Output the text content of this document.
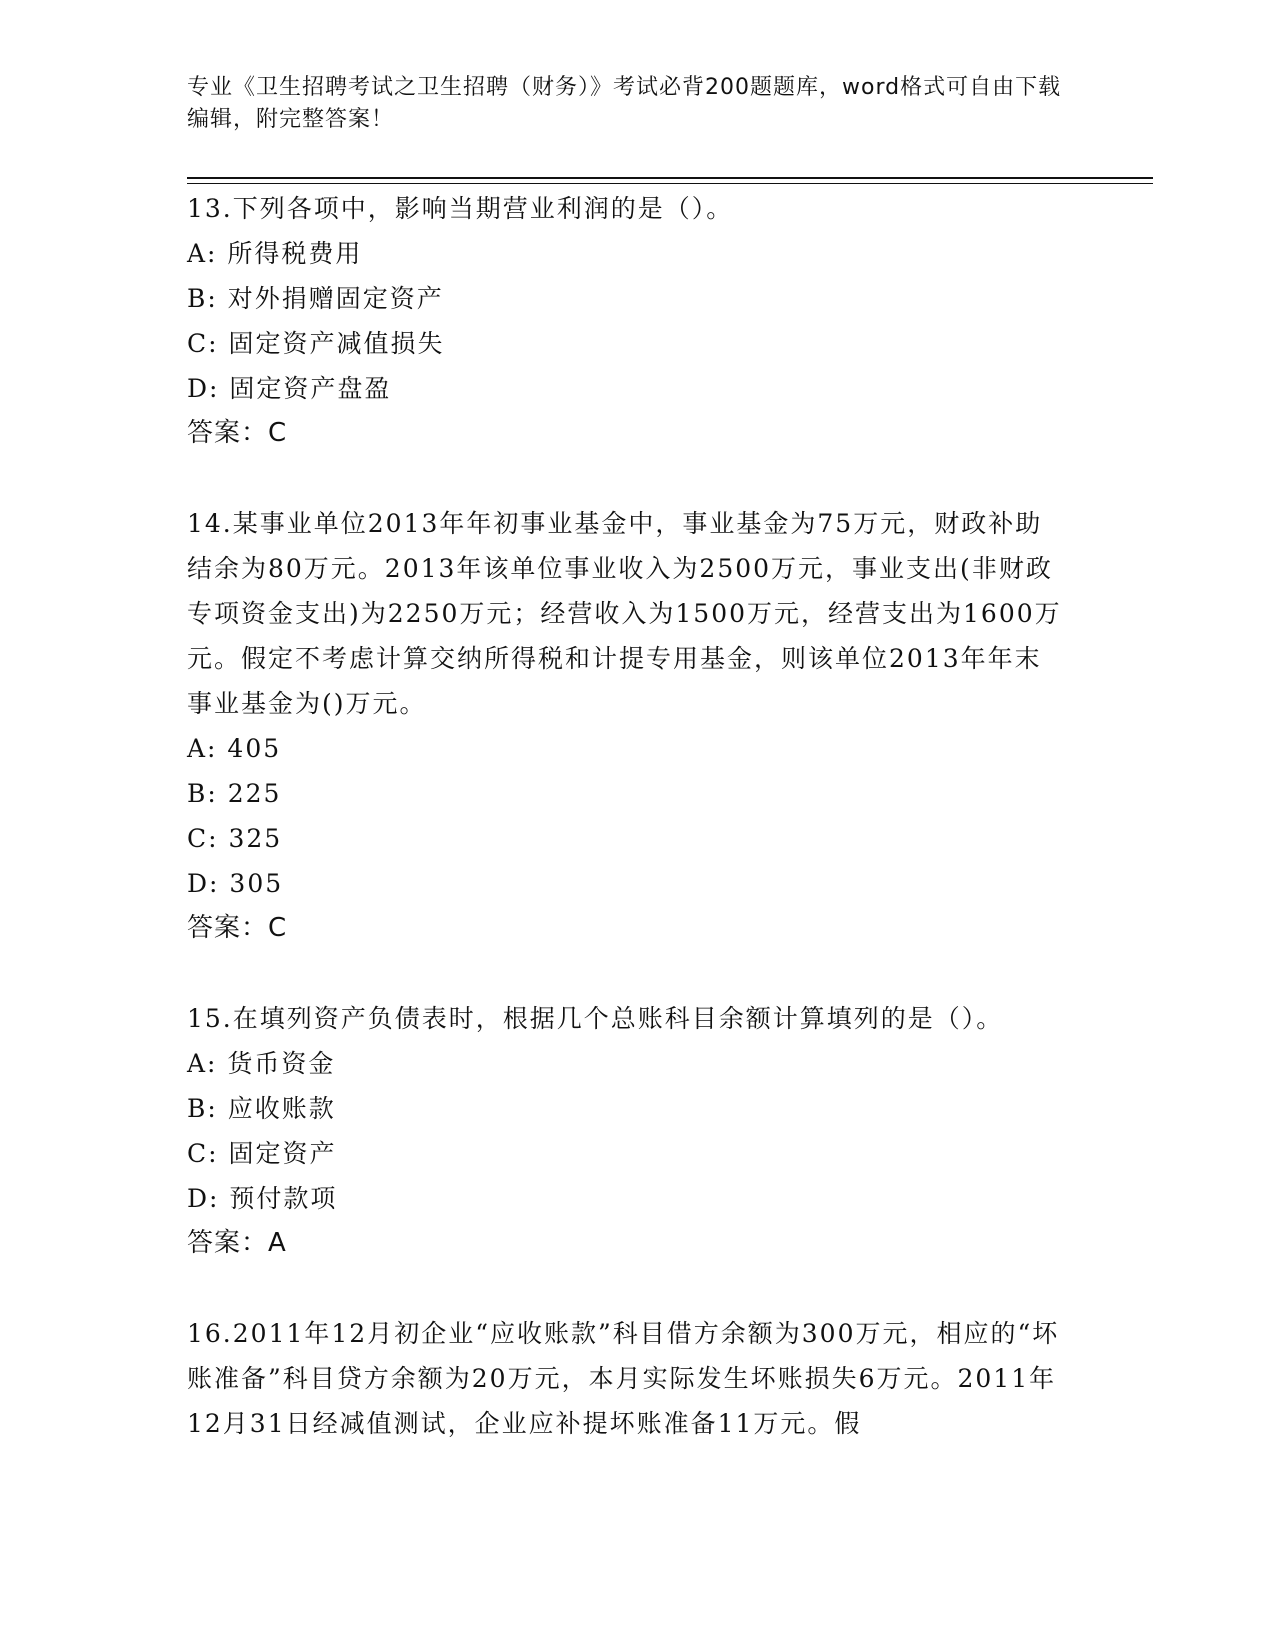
专业《卫生招聘考试之卫生招聘（财务）》考试必背200题题库，word格式可自由下载编辑，附完整答案！
13.下列各项中，影响当期营业利润的是（）。
A: 所得税费用
B: 对外捐赠固定资产
C: 固定资产减值损失
D: 固定资产盘盈
答案：C
14.某事业单位2013年年初事业基金中，事业基金为75万元，财政补助结余为80万元。2013年该单位事业收入为2500万元，事业支出(非财政专项资金支出)为2250万元；经营收入为1500万元，经营支出为1600万元。假定不考虑计算交纳所得税和计提专用基金，则该单位2013年年末事业基金为()万元。
A: 405
B: 225
C: 325
D: 305
答案：C
15.在填列资产负债表时，根据几个总账科目余额计算填列的是（）。
A: 货币资金
B: 应收账款
C: 固定资产
D: 预付款项
答案：A
16.2011年12月初企业“应收账款”科目借方余额为300万元，相应的“坏账准备”科目贷方余额为20万元，本月实际发生坏账损失6万元。2011年12月31日经减值测试，企业应补提坏账准备11万元。假
